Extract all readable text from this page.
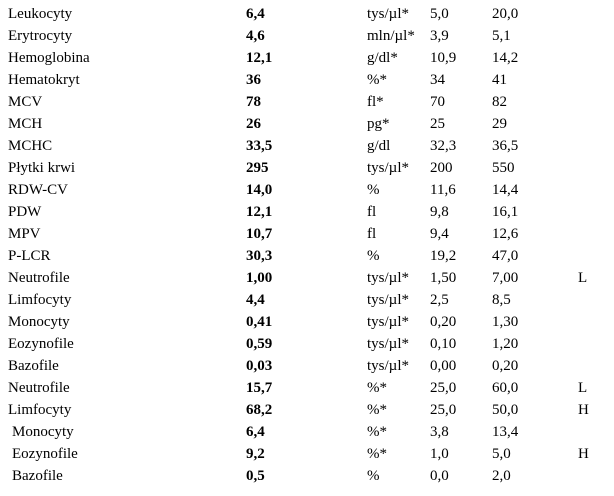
Leukocyty	6,4	tys/µl* 5,0	20,0
Erytrocyty	4,6	mln/µl* 3,9	5,1
Hemoglobina	12,1	g/dl* 10,9 14,2
Hematokryt	36	%*	34	41
MCV	78	fl*	70	82
MCH	26	pg*	25	29
MCHC	33,5	g/dl	32,3 36,5
Płytki krwi	295	tys/µl* 200	550
RDW-CV	14,0	%	11,6 14,4
PDW	12,1	fl	9,8	16,1
MPV	10,7	fl	9,4	12,6
P-LCR	30,3	%	19,2 47,0
Neutrofile	1,00	tys/µl* 1,50 7,00	L
Limfocyty	4,4	tys/µl* 2,5	8,5
Monocyty	0,41	tys/µl* 0,20 1,30
Eozynofile	0,59	tys/µl* 0,10 1,20
Bazofile	0,03	tys/µl* 0,00 0,20
Neutrofile	15,7	%*	25,0 60,0	L
Limfocyty	68,2	%*	25,0 50,0	H
Monocyty	6,4	%*	3,8	13,4
Eozynofile	9,2	%*	1,0	5,0	H
Bazofile	0,5	%	0,0	2,0
